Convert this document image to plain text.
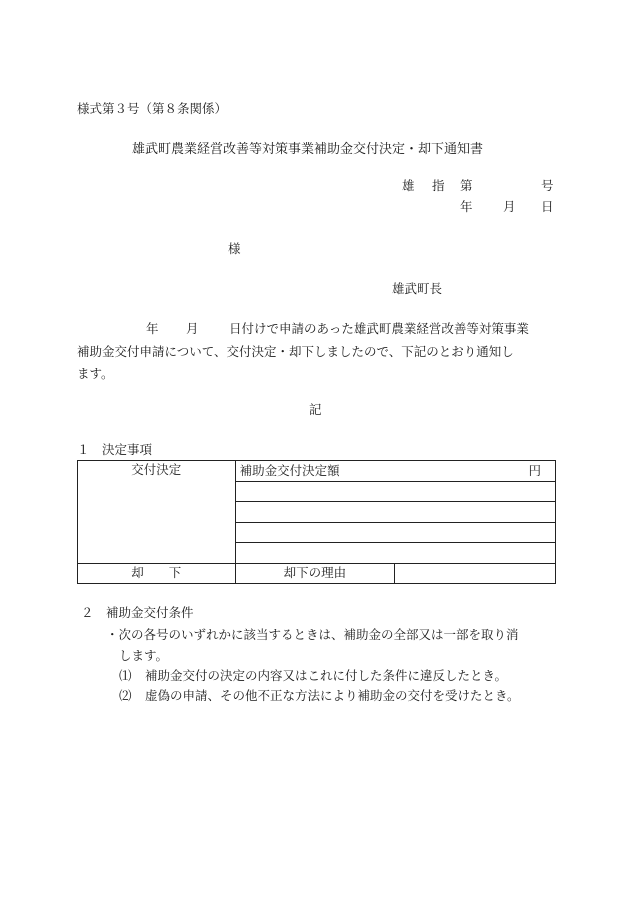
様式第３号（第８条関係）
雄武町農業経営改善等対策事業補助金交付決定・却下通知書
雄 指 第	号
年 月 日
様
雄武町長
年 月 日付けで申請のあった雄武町農業経営改善等対策事業
補助金交付申請について、交付決定・却下しましたので、下記のとおり通知し
ます。
記
１　決定事項
交付決定	補助金交付決定額 円	

却　　下	却下の理由	
２　補助金交付条件
・次の各号のいずれかに該当するときは、補助金の全部又は一部を取り消
します。
⑴ 補助金交付の決定の内容又はこれに付した条件に違反したとき。
⑵ 虚偽の申請、その他不正な方法により補助金の交付を受けたとき。
